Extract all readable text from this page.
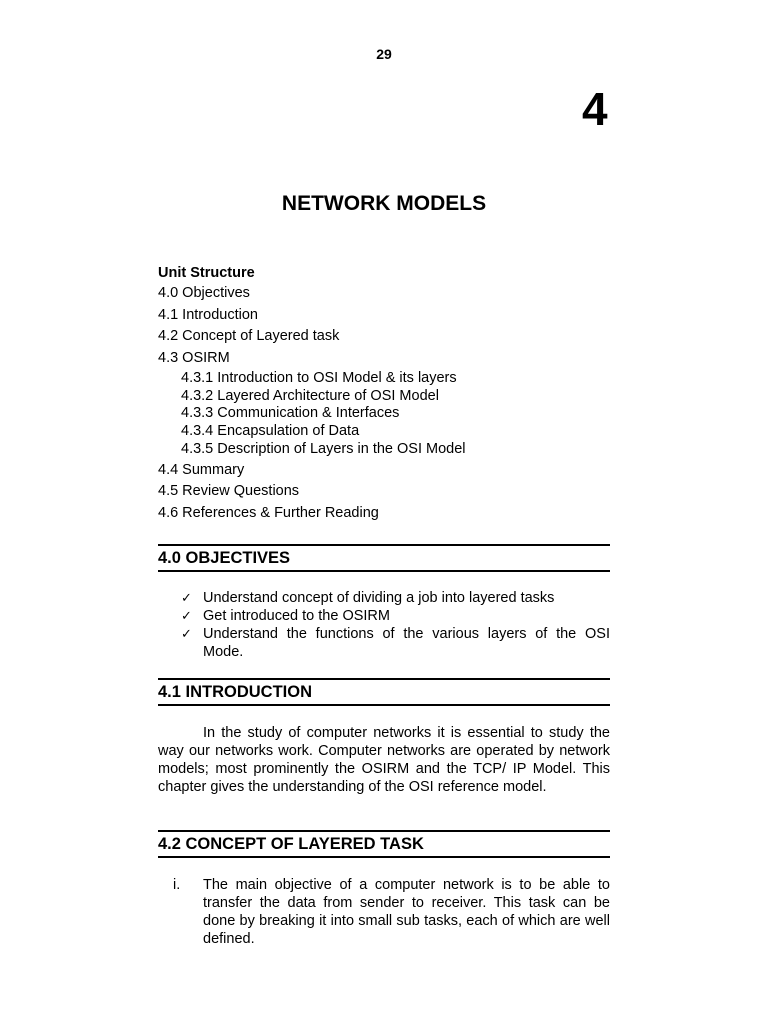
29
4
NETWORK MODELS
Unit Structure
4.0 Objectives
4.1 Introduction
4.2 Concept of Layered task
4.3 OSIRM
4.3.1 Introduction to OSI Model & its layers
4.3.2 Layered Architecture of OSI Model
4.3.3 Communication & Interfaces
4.3.4 Encapsulation of Data
4.3.5 Description of Layers in the OSI Model
4.4 Summary
4.5 Review Questions
4.6 References & Further Reading
4.0 OBJECTIVES
✓ Understand concept of dividing a job into layered tasks
✓ Get introduced to the OSIRM
✓ Understand the functions of the various layers of the OSI Mode.
4.1 INTRODUCTION

In the study of computer networks it is essential to study the way our networks work. Computer networks are operated by network models; most prominently the OSIRM and the TCP/ IP Model. This chapter gives the understanding of the OSI reference model.

4.2 CONCEPT OF LAYERED TASK
i. The main objective of a computer network is to be able to transfer the data from sender to receiver. This task can be done by breaking it into small sub tasks, each of which are well defined.
